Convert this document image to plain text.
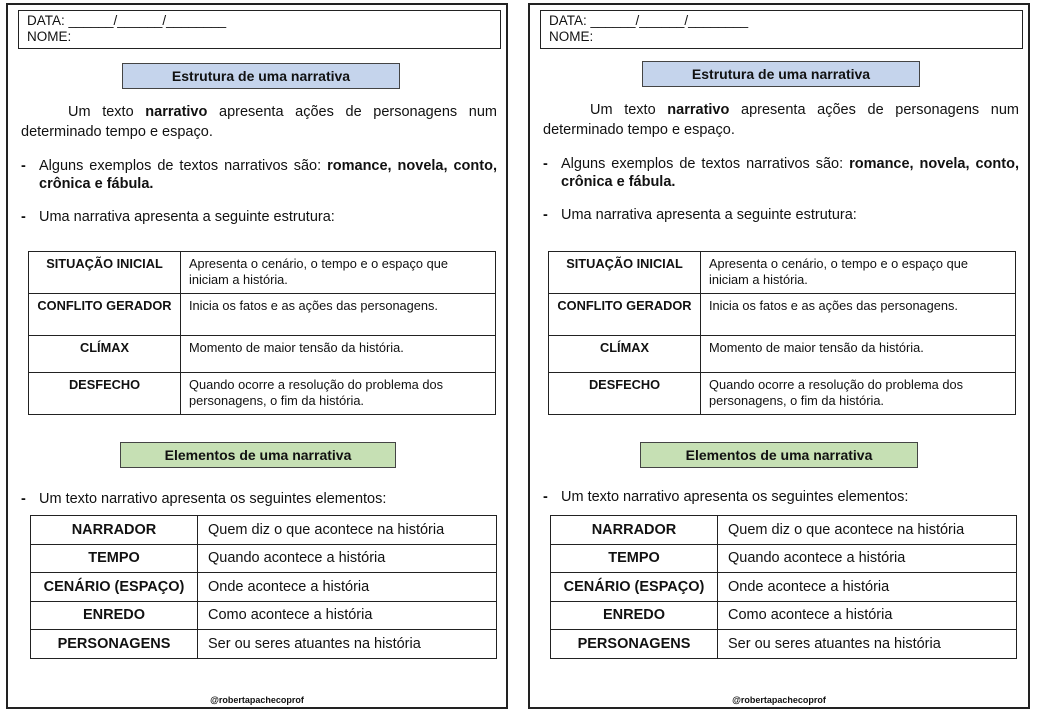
DATA: ______/______/________
NOME:
Estrutura de uma narrativa
Um texto narrativo apresenta ações de personagens num determinado tempo e espaço.
- Alguns exemplos de textos narrativos são: romance, novela, conto, crônica e fábula.
- Uma narrativa apresenta a seguinte estrutura:
SITUAÇÃO INICIAL	Apresenta o cenário, o tempo e o espaço que iniciam a história.
CONFLITO GERADOR	Inicia os fatos e as ações das personagens.
CLÍMAX	Momento de maior tensão da história.
DESFECHO	Quando ocorre a resolução do problema dos personagens, o fim da história.
Elementos de uma narrativa
- Um texto narrativo apresenta os seguintes elementos:
NARRADOR	Quem diz o que acontece na história
TEMPO	Quando acontece a história
CENÁRIO (ESPAÇO)	Onde acontece a história
ENREDO	Como acontece a história
PERSONAGENS	Ser ou seres atuantes na história
@robertapachecoprof
DATA: ______/______/________
NOME:
Estrutura de uma narrativa
Um texto narrativo apresenta ações de personagens num determinado tempo e espaço.
- Alguns exemplos de textos narrativos são: romance, novela, conto, crônica e fábula.
- Uma narrativa apresenta a seguinte estrutura:
SITUAÇÃO INICIAL	Apresenta o cenário, o tempo e o espaço que iniciam a história.
CONFLITO GERADOR	Inicia os fatos e as ações das personagens.
CLÍMAX	Momento de maior tensão da história.
DESFECHO	Quando ocorre a resolução do problema dos personagens, o fim da história.
Elementos de uma narrativa
- Um texto narrativo apresenta os seguintes elementos:
NARRADOR	Quem diz o que acontece na história
TEMPO	Quando acontece a história
CENÁRIO (ESPAÇO)	Onde acontece a história
ENREDO	Como acontece a história
PERSONAGENS	Ser ou seres atuantes na história
@robertapachecoprof
